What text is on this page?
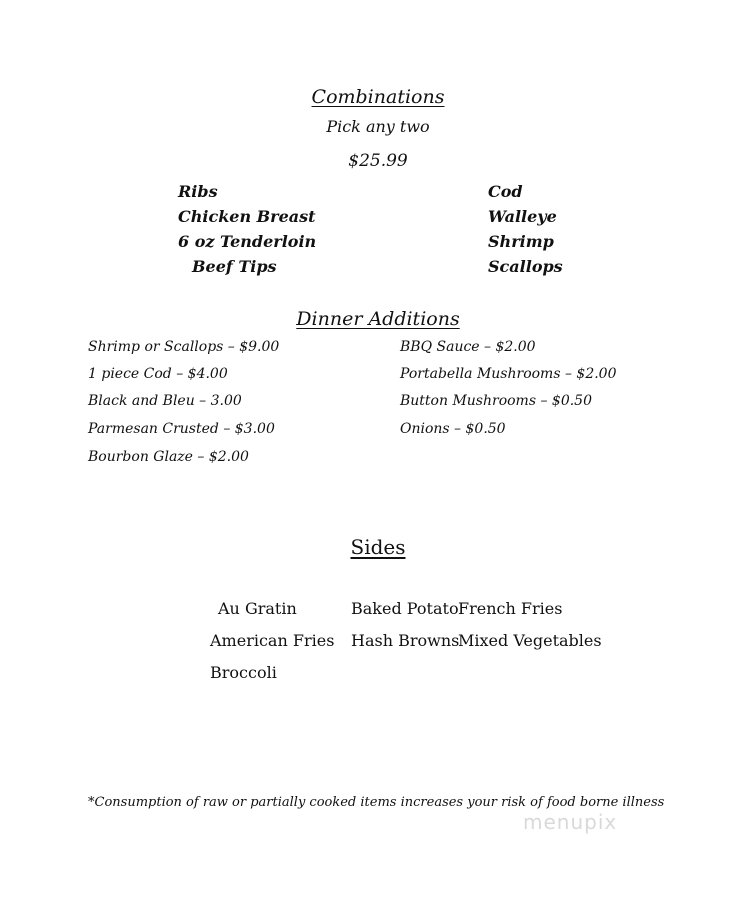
Combinations
Pick any two
$25.99
Ribs
Chicken Breast
6 oz Tenderloin
Beef Tips
Cod
Walleye
Shrimp
Scallops
Dinner Additions
Shrimp or Scallops – $9.00
1 piece Cod – $4.00
Black and Bleu – 3.00
Parmesan Crusted – $3.00
Bourbon Glaze – $2.00
BBQ Sauce – $2.00
Portabella Mushrooms – $2.00
Button Mushrooms – $0.50
Onions – $0.50
Sides
Au Gratin	Baked Potato French Fries
American Fries Hash Browns
Mixed Vegetables
Broccoli
*Consumption of raw or partially cooked items increases your risk of food borne illness
menupix
